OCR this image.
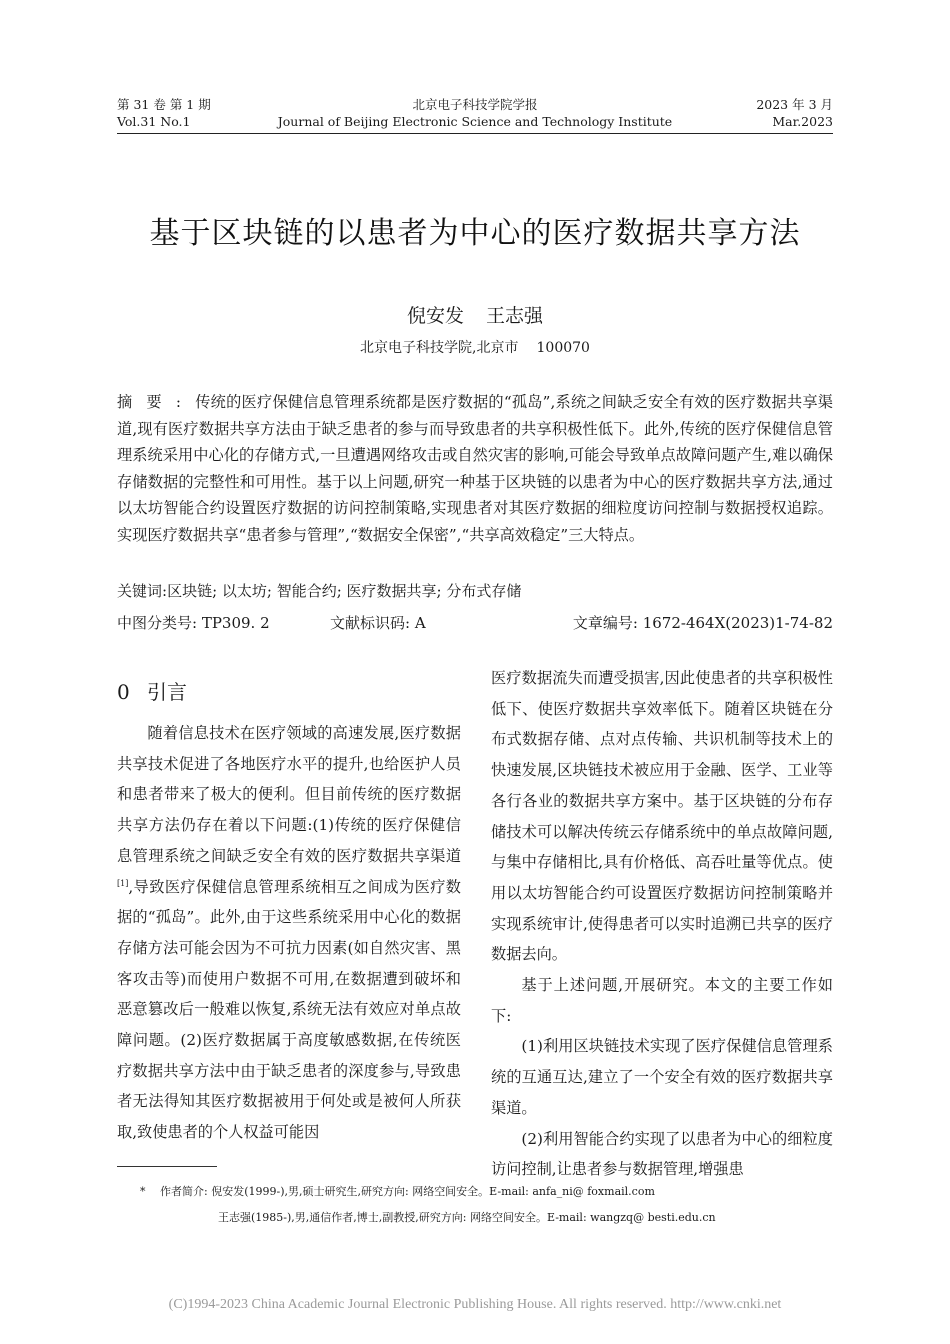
第 31 卷 第 1 期
Vol.31 No.1
北京电子科技学院学报
Journal of Beijing Electronic Science and Technology Institute
2023 年 3 月
Mar.2023
基于区块链的以患者为中心的医疗数据共享方法
倪安发 王志强
北京电子科技学院,北京市 100070
摘要:传统的医疗保健信息管理系统都是医疗数据的“孤岛”,系统之间缺乏安全有效的医疗数据共享渠道,现有医疗数据共享方法由于缺乏患者的参与而导致患者的共享积极性低下。此外,传统的医疗保健信息管理系统采用中心化的存储方式,一旦遭遇网络攻击或自然灾害的影响,可能会导致单点故障问题产生,难以确保存储数据的完整性和可用性。基于以上问题,研究一种基于区块链的以患者为中心的医疗数据共享方法,通过以太坊智能合约设置医疗数据的访问控制策略,实现患者对其医疗数据的细粒度访问控制与数据授权追踪。实现医疗数据共享“患者参与管理”,“数据安全保密”,“共享高效稳定”三大特点。
关键词:区块链; 以太坊; 智能合约; 医疗数据共享; 分布式存储
中图分类号: TP309. 2	文献标识码: A	文章编号: 1672-464X(2023)1-74-82
0 引言

随着信息技术在医疗领域的高速发展,医疗数据共享技术促进了各地医疗水平的提升,也给医护人员和患者带来了极大的便利。但目前传统的医疗数据共享方法仍存在着以下问题:(1)传统的医疗保健信息管理系统之间缺乏安全有效的医疗数据共享渠道[1],导致医疗保健信息管理系统相互之间成为医疗数据的“孤岛”。此外,由于这些系统采用中心化的数据存储方法可能会因为不可抗力因素(如自然灾害、黑客攻击等)而使用户数据不可用,在数据遭到破坏和恶意篡改后一般难以恢复,系统无法有效应对单点故障问题。(2)医疗数据属于高度敏感数据,在传统医疗数据共享方法中由于缺乏患者的深度参与,导致患者无法得知其医疗数据被用于何处或是被何人所获取,致使患者的个人权益可能因

医疗数据流失而遭受损害,因此使患者的共享积极性低下、使医疗数据共享效率低下。随着区块链在分布式数据存储、点对点传输、共识机制等技术上的快速发展,区块链技术被应用于金融、医学、工业等各行各业的数据共享方案中。基于区块链的分布存储技术可以解决传统云存储系统中的单点故障问题,与集中存储相比,具有价格低、高吞吐量等优点。使用以太坊智能合约可设置医疗数据访问控制策略并实现系统审计,使得患者可以实时追溯已共享的医疗数据去向。

基于上述问题,开展研究。本文的主要工作如下:

(1)利用区块链技术实现了医疗保健信息管理系统的互通互达,建立了一个安全有效的医疗数据共享渠道。

(2)利用智能合约实现了以患者为中心的细粒度访问控制,让患者参与数据管理,增强患

* 作者简介: 倪安发(1999-),男,硕士研究生,研究方向: 网络空间安全。E-mail: anfa_ni@ foxmail.com
王志强(1985-),男,通信作者,博士,副教授,研究方向: 网络空间安全。E-mail: wangzq@ besti.edu.cn
(C)1994-2023 China Academic Journal Electronic Publishing House. All rights reserved. http://www.cnki.net
